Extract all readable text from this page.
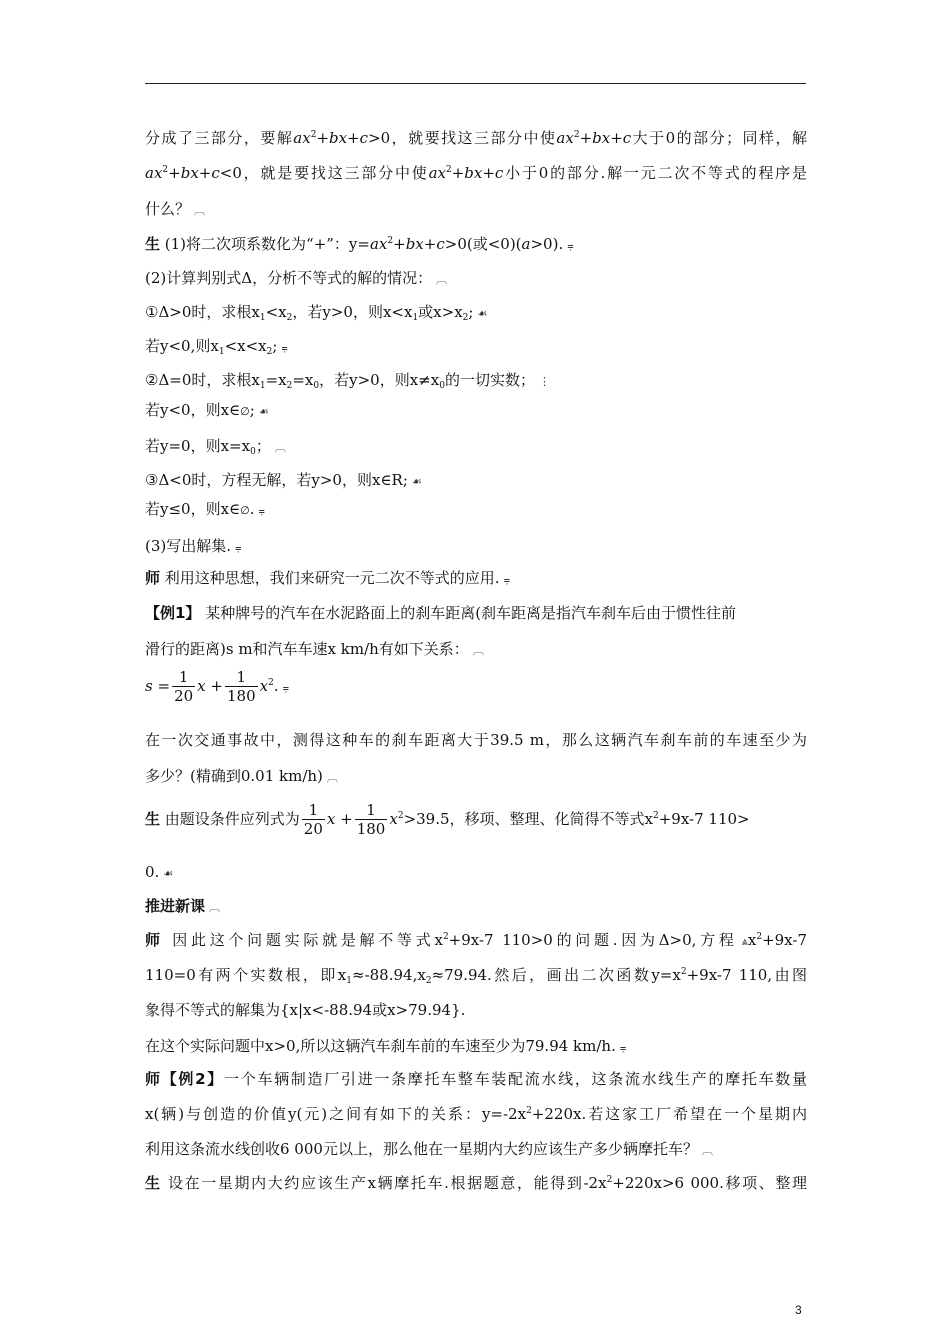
分成了三部分，要解$ax^2+bx+c>0$，就要找这三部分中使$ax^2+bx+c$大于0的部分；同样，解
$ax^2+bx+c<0$，就是要找这三部分中使$ax^2+bx+c$小于0的部分.解一元二次不等式的程序是
什么？ ︹
生 (1)将二次项系数化为“+”：$y=ax^2+bx+c>0$(或<0)(a>0). ⩦
(2)计算判别式Δ，分析不等式的解的情况： ︹
①Δ>0时，求根$x_1<x_2$，若y>0，则$x<x_1$或$x>x_2$; ☙
若y<0,则$x_1<x<x_2$; ⩦
②Δ=0时，求根$x_1=x_2=x_0$，若y>0，则$x\ne x_0$的一切实数； ⋮
若y<0，则x∈∅; ☙
若y=0，则$x=x_0$； ︹
③Δ<0时，方程无解，若y>0，则x∈R; ☙
若y≤0，则x∈∅. ⩦
(3)写出解集. ⩦
师 利用这种思想，我们来研究一元二次不等式的应用. ⩦
【例1】 某种牌号的汽车在水泥路面上的刹车距离(刹车距离是指汽车刹车后由于惯性往前
滑行的距离)s m和汽车车速x km/h有如下关系： ︹
$s = \frac{1}{20}$ $x + \frac{1}{180} x^2$. ⩦
在一次交通事故中，测得这种车的刹车距离大于39.5 m，那么这辆汽车刹车前的车速至少为
多少？(精确到0.01 km/h) ︹
生 由题设条件应列式为 $\frac{1}{20}$ $x + \frac{1}{180} x^2>39.5$，移项、整理、化简得不等式$x^2+9x-7$ 110>
0. ☙
推进新课 ︹
师 因此这个问题实际就是解不等式$x^2+9x-7$ 110>0的问题.因为Δ>0,方程 $⩓x^2+9x-7$
110=0有两个实数根，即$x_1\approx-88.94,x_2\approx 79.94$.然后，画出二次函数$y=x^2+9x-7$ 110,由图
象得不等式的解集为{x|x<-88.94或x>79.94}.
在这个实际问题中x>0,所以这辆汽车刹车前的车速至少为79.94 km/h. ⩦
师【例2】一个车辆制造厂引进一条摩托车整车装配流水线，这条流水线生产的摩托车数量
x(辆)与创造的价值y(元)之间有如下的关系：$y=-2x^2+220x$.若这家工厂希望在一个星期内
利用这条流水线创收6 000元以上，那么他在一星期内大约应该生产多少辆摩托车？ ︹
生 设在一星期内大约应该生产x辆摩托车.根据题意，能得到$-2x^2+220x>6$ 000.移项、整理
3
